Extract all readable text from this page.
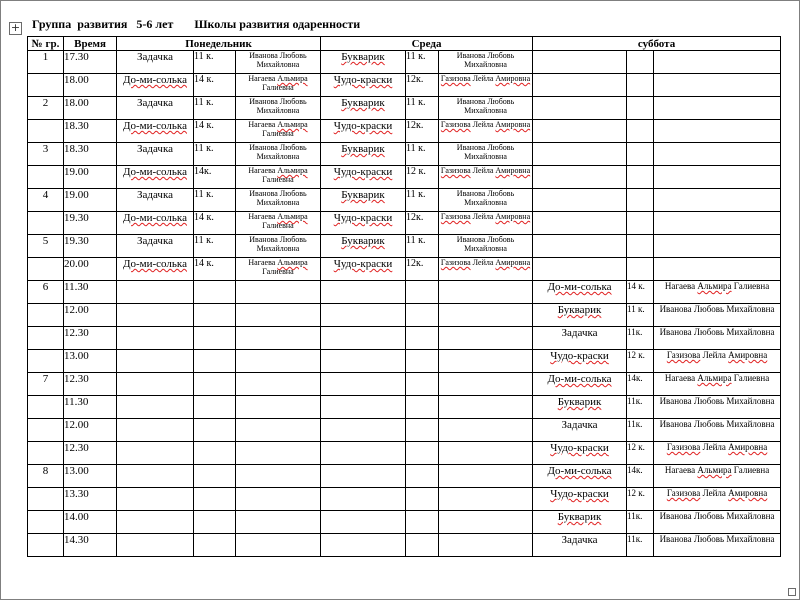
+ Группа  развития   5-6 лет Школы развития одаренности
№ гр.	Время	Понедельник			Среда			суббота		
1	17.30	Задачка	11 к.	Иванова Любовь Михайловна	Букварик	11 к.	Иванова Любовь Михайловна			
	18.00	До-ми-солька	14 к.	Нагаева Альмира Галиевна	Чудо-краски	12к.	Газизова Лейла Амировна			
2	18.00	Задачка	11 к.	Иванова Любовь Михайловна	Букварик	11 к.	Иванова Любовь Михайловна			
	18.30	До-ми-солька	14 к.	Нагаева Альмира Галиевна	Чудо-краски	12к.	Газизова Лейла Амировна			
3	18.30	Задачка	11 к.	Иванова Любовь Михайловна	Букварик	11 к.	Иванова Любовь Михайловна			
	19.00	До-ми-солька	14к.	Нагаева Альмира Галиевна	Чудо-краски	12 к.	Газизова Лейла Амировна			
4	19.00	Задачка	11 к.	Иванова Любовь Михайловна	Букварик	11 к.	Иванова Любовь Михайловна			
	19.30	До-ми-солька	14 к.	Нагаева Альмира Галиевна	Чудо-краски	12к.	Газизова Лейла Амировна			
5	19.30	Задачка	11 к.	Иванова Любовь Михайловна	Букварик	11 к.	Иванова Любовь Михайловна			
	20.00	До-ми-солька	14 к.	Нагаева Альмира Галиевна	Чудо-краски	12к.	Газизова Лейла Амировна			
6	11.30							До-ми-солька	14 к.	Нагаева Альмира Галиевна
	12.00							Букварик	11 к.	Иванова Любовь Михайловна
	12.30							Задачка	11к.	Иванова Любовь Михайловна
	13.00							Чудо-краски	12 к.	Газизова Лейла Амировна
7	12.30							До-ми-солька	14к.	Нагаева Альмира Галиевна
	11.30							Букварик	11к.	Иванова Любовь Михайловна
	12.00							Задачка	11к.	Иванова Любовь Михайловна
	12.30							Чудо-краски	12 к.	Газизова Лейла Амировна
8	13.00							До-ми-солька	14к.	Нагаева Альмира Галиевна
	13.30							Чудо-краски	12 к.	Газизова Лейла Амировна
	14.00							Букварик	11к.	Иванова Любовь Михайловна
	14.30							Задачка	11к.	Иванова Любовь Михайловна
